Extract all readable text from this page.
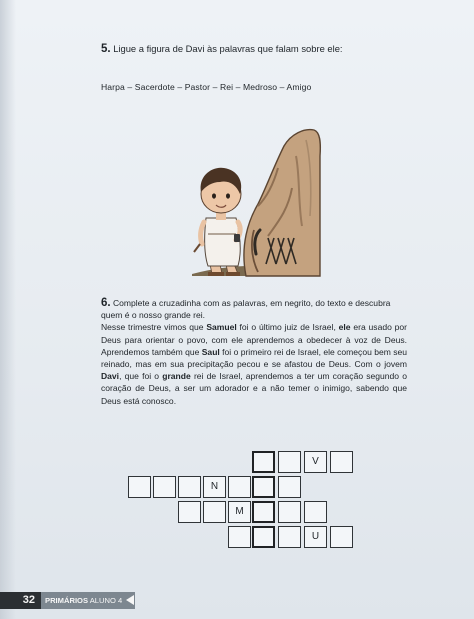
5. Ligue a figura de Davi às palavras que falam sobre ele:
Harpa – Sacerdote – Pastor – Rei – Medroso – Amigo

6. Complete a cruzadinha com as palavras, em negrito, do texto e descubra

quem é o nosso grande rei.

Nesse trimestre vimos que Samuel foi o último juiz de Israel, ele era usado por Deus para orientar o povo, com ele aprendemos a obedecer à voz de Deus. Aprendemos também que Saul foi o primeiro rei de Israel, ele começou bem seu reinado, mas em sua precipitação pecou e se afastou de Deus. Com o jovem Davi, que foi o grande rei de Israel, aprendemos a ter um coração segundo o coração de Deus, a ser um adorador e a não temer o inimigo, sabendo que Deus está conosco.

V
N
M
U
32	PRIMÁRIOS ALUNO 4
